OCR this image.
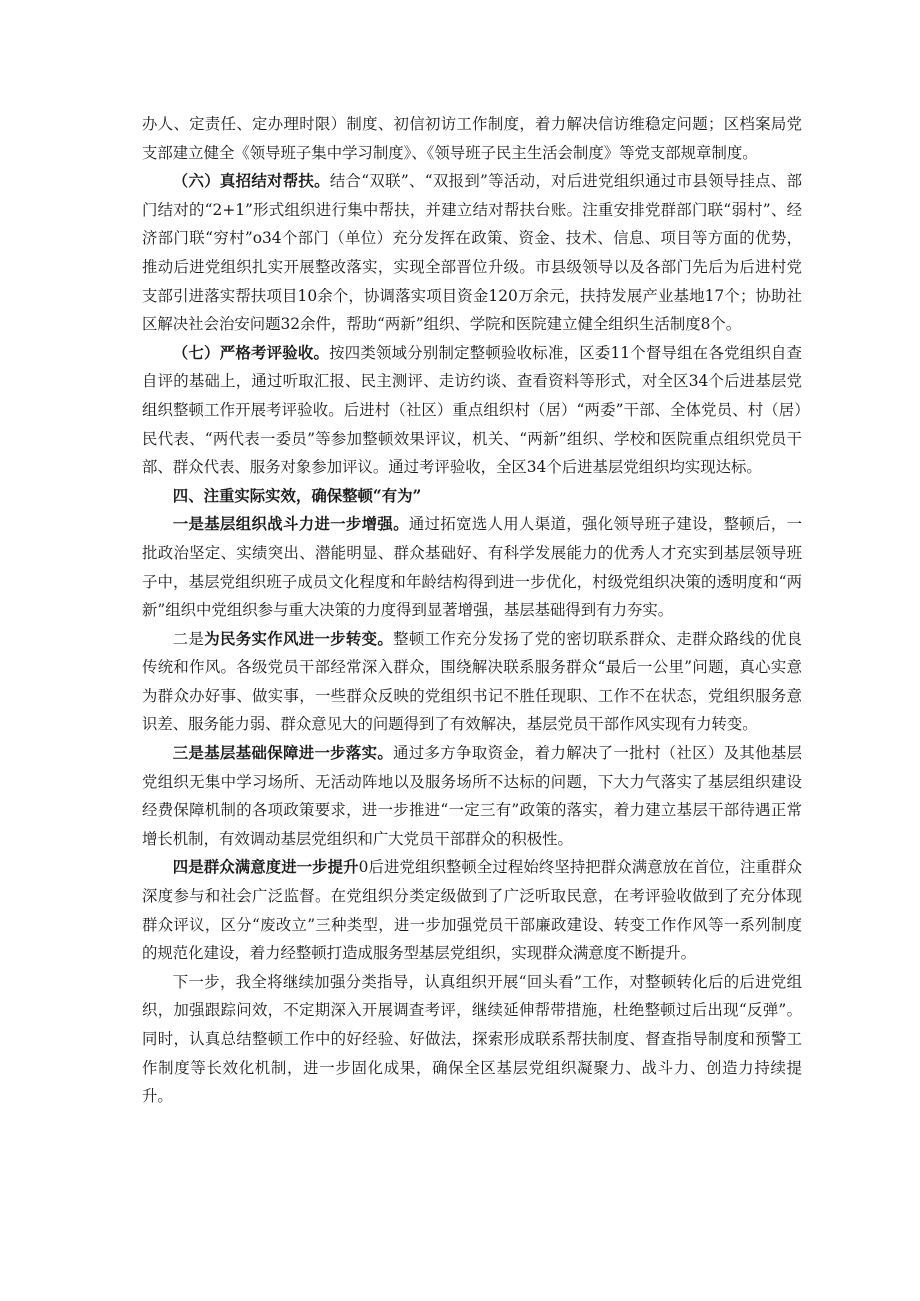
办人、定责任、定办理时限）制度、初信初访工作制度，着力解决信访维稳定问题；区档案局党支部建立健全《领导班子集中学习制度》、《领导班子民主生活会制度》等党支部规章制度。

（六）真招结对帮扶。结合“双联”、“双报到”等活动，对后进党组织通过市县领导挂点、部门结对的“2+1”形式组织进行集中帮扶，并建立结对帮扶台账。注重安排党群部门联“弱村”、经济部门联“穷村”o34个部门（单位）充分发挥在政策、资金、技术、信息、项目等方面的优势，推动后进党组织扎实开展整改落实，实现全部晋位升级。市县级领导以及各部门先后为后进村党支部引进落实帮扶项目10余个，协调落实项目资金120万余元，扶持发展产业基地17个；协助社区解决社会治安问题32余件，帮助“两新”组织、学院和医院建立健全组织生活制度8个。

（七）严格考评验收。按四类领域分别制定整顿验收标准，区委11个督导组在各党组织自查自评的基础上，通过听取汇报、民主测评、走访约谈、查看资料等形式，对全区34个后进基层党组织整顿工作开展考评验收。后进村（社区）重点组织村（居）“两委”干部、全体党员、村（居）民代表、“两代表一委员”等参加整顿效果评议，机关、“两新”组织、学校和医院重点组织党员干部、群众代表、服务对象参加评议。通过考评验收，全区34个后进基层党组织均实现达标。

四、注重实际实效，确保整顿“有为”

一是基层组织战斗力进一步增强。通过拓宽选人用人渠道，强化领导班子建设，整顿后，一批政治坚定、实绩突出、潜能明显、群众基础好、有科学发展能力的优秀人才充实到基层领导班子中，基层党组织班子成员文化程度和年龄结构得到进一步优化，村级党组织决策的透明度和“两新”组织中党组织参与重大决策的力度得到显著增强，基层基础得到有力夯实。

二是为民务实作风进一步转变。整顿工作充分发扬了党的密切联系群众、走群众路线的优良传统和作风。各级党员干部经常深入群众，围绕解决联系服务群众“最后一公里”问题，真心实意为群众办好事、做实事，一些群众反映的党组织书记不胜任现职、工作不在状态，党组织服务意识差、服务能力弱、群众意见大的问题得到了有效解决，基层党员干部作风实现有力转变。

三是基层基础保障进一步落实。通过多方争取资金，着力解决了一批村（社区）及其他基层党组织无集中学习场所、无活动阵地以及服务场所不达标的问题，下大力气落实了基层组织建设经费保障机制的各项政策要求，进一步推进“一定三有”政策的落实，着力建立基层干部待遇正常增长机制，有效调动基层党组织和广大党员干部群众的积极性。

四是群众满意度进一步提升0后进党组织整顿全过程始终坚持把群众满意放在首位，注重群众深度参与和社会广泛监督。在党组织分类定级做到了广泛听取民意，在考评验收做到了充分体现群众评议，区分“废改立”三种类型，进一步加强党员干部廉政建设、转变工作作风等一系列制度的规范化建设，着力经整顿打造成服务型基层党组织，实现群众满意度不断提升。

下一步，我全将继续加强分类指导，认真组织开展“回头看”工作，对整顿转化后的后进党组织，加强跟踪问效，不定期深入开展调查考评，继续延伸帮带措施，杜绝整顿过后出现“反弹”。同时，认真总结整顿工作中的好经验、好做法，探索形成联系帮扶制度、督查指导制度和预警工作制度等长效化机制，进一步固化成果，确保全区基层党组织凝聚力、战斗力、创造力持续提升。
